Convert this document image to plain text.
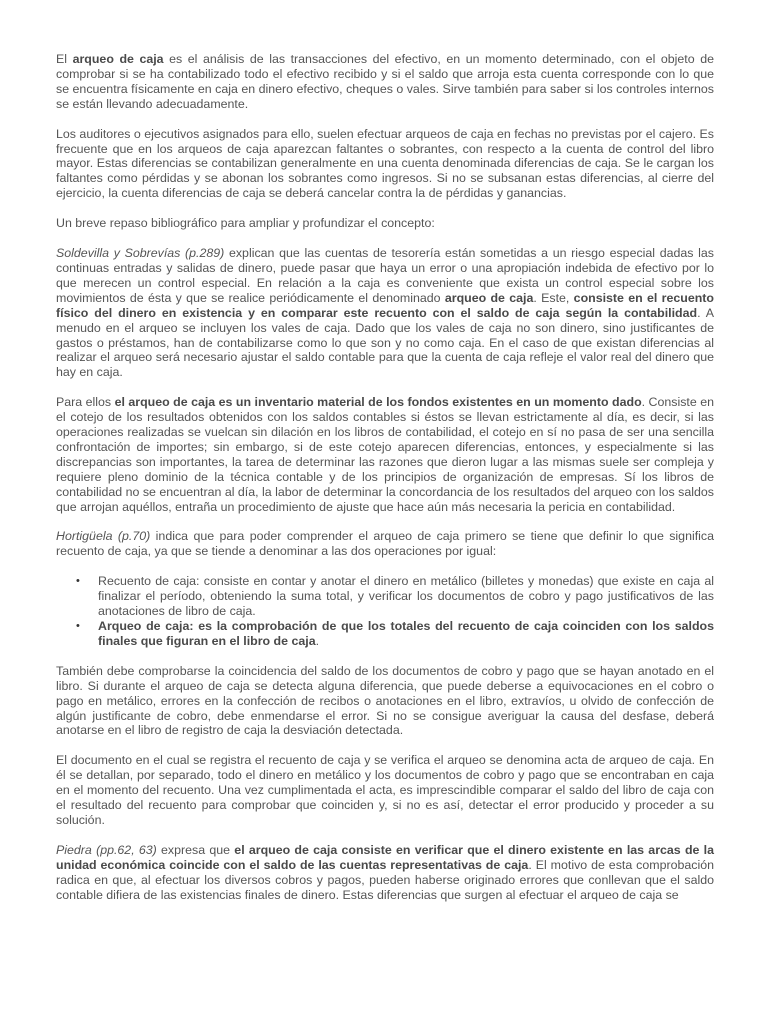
El arqueo de caja es el análisis de las transacciones del efectivo, en un momento determinado, con el objeto de comprobar si se ha contabilizado todo el efectivo recibido y si el saldo que arroja esta cuenta corresponde con lo que se encuentra físicamente en caja en dinero efectivo, cheques o vales. Sirve también para saber si los controles internos se están llevando adecuadamente.

Los auditores o ejecutivos asignados para ello, suelen efectuar arqueos de caja en fechas no previstas por el cajero. Es frecuente que en los arqueos de caja aparezcan faltantes o sobrantes, con respecto a la cuenta de control del libro mayor. Estas diferencias se contabilizan generalmente en una cuenta denominada diferencias de caja. Se le cargan los faltantes como pérdidas y se abonan los sobrantes como ingresos. Si no se subsanan estas diferencias, al cierre del ejercicio, la cuenta diferencias de caja se deberá cancelar contra la de pérdidas y ganancias.

Un breve repaso bibliográfico para ampliar y profundizar el concepto:

Soldevilla y Sobrevías (p.289) explican que las cuentas de tesorería están sometidas a un riesgo especial dadas las continuas entradas y salidas de dinero, puede pasar que haya un error o una apropiación indebida de efectivo por lo que merecen un control especial. En relación a la caja es conveniente que exista un control especial sobre los movimientos de ésta y que se realice periódicamente el denominado arqueo de caja. Este, consiste en el recuento físico del dinero en existencia y en comparar este recuento con el saldo de caja según la contabilidad. A menudo en el arqueo se incluyen los vales de caja. Dado que los vales de caja no son dinero, sino justificantes de gastos o préstamos, han de contabilizarse como lo que son y no como caja. En el caso de que existan diferencias al realizar el arqueo será necesario ajustar el saldo contable para que la cuenta de caja refleje el valor real del dinero que hay en caja.

Para ellos el arqueo de caja es un inventario material de los fondos existentes en un momento dado. Consiste en el cotejo de los resultados obtenidos con los saldos contables si éstos se llevan estrictamente al día, es decir, si las operaciones realizadas se vuelcan sin dilación en los libros de contabilidad, el cotejo en sí no pasa de ser una sencilla confrontación de importes; sin embargo, si de este cotejo aparecen diferencias, entonces, y especialmente si las discrepancias son importantes, la tarea de determinar las razones que dieron lugar a las mismas suele ser compleja y requiere pleno dominio de la técnica contable y de los principios de organización de empresas. Sí los libros de contabilidad no se encuentran al día, la labor de determinar la concordancia de los resultados del arqueo con los saldos que arrojan aquéllos, entraña un procedimiento de ajuste que hace aún más necesaria la pericia en contabilidad.

Hortigüela (p.70) indica que para poder comprender el arqueo de caja primero se tiene que definir lo que significa recuento de caja, ya que se tiende a denominar a las dos operaciones por igual:

• Recuento de caja: consiste en contar y anotar el dinero en metálico (billetes y monedas) que existe en caja al finalizar el período, obteniendo la suma total, y verificar los documentos de cobro y pago justificativos de las anotaciones de libro de caja.
• Arqueo de caja: es la comprobación de que los totales del recuento de caja coinciden con los saldos finales que figuran en el libro de caja.

También debe comprobarse la coincidencia del saldo de los documentos de cobro y pago que se hayan anotado en el libro. Si durante el arqueo de caja se detecta alguna diferencia, que puede deberse a equivocaciones en el cobro o pago en metálico, errores en la confección de recibos o anotaciones en el libro, extravíos, u olvido de confección de algún justificante de cobro, debe enmendarse el error. Si no se consigue averiguar la causa del desfase, deberá anotarse en el libro de registro de caja la desviación detectada.

El documento en el cual se registra el recuento de caja y se verifica el arqueo se denomina acta de arqueo de caja. En él se detallan, por separado, todo el dinero en metálico y los documentos de cobro y pago que se encontraban en caja en el momento del recuento. Una vez cumplimentada el acta, es imprescindible comparar el saldo del libro de caja con el resultado del recuento para comprobar que coinciden y, si no es así, detectar el error producido y proceder a su solución.

Piedra (pp.62, 63) expresa que el arqueo de caja consiste en verificar que el dinero existente en las arcas de la unidad económica coincide con el saldo de las cuentas representativas de caja. El motivo de esta comprobación radica en que, al efectuar los diversos cobros y pagos, pueden haberse originado errores que conllevan que el saldo contable difiera de las existencias finales de dinero. Estas diferencias que surgen al efectuar el arqueo de caja se
